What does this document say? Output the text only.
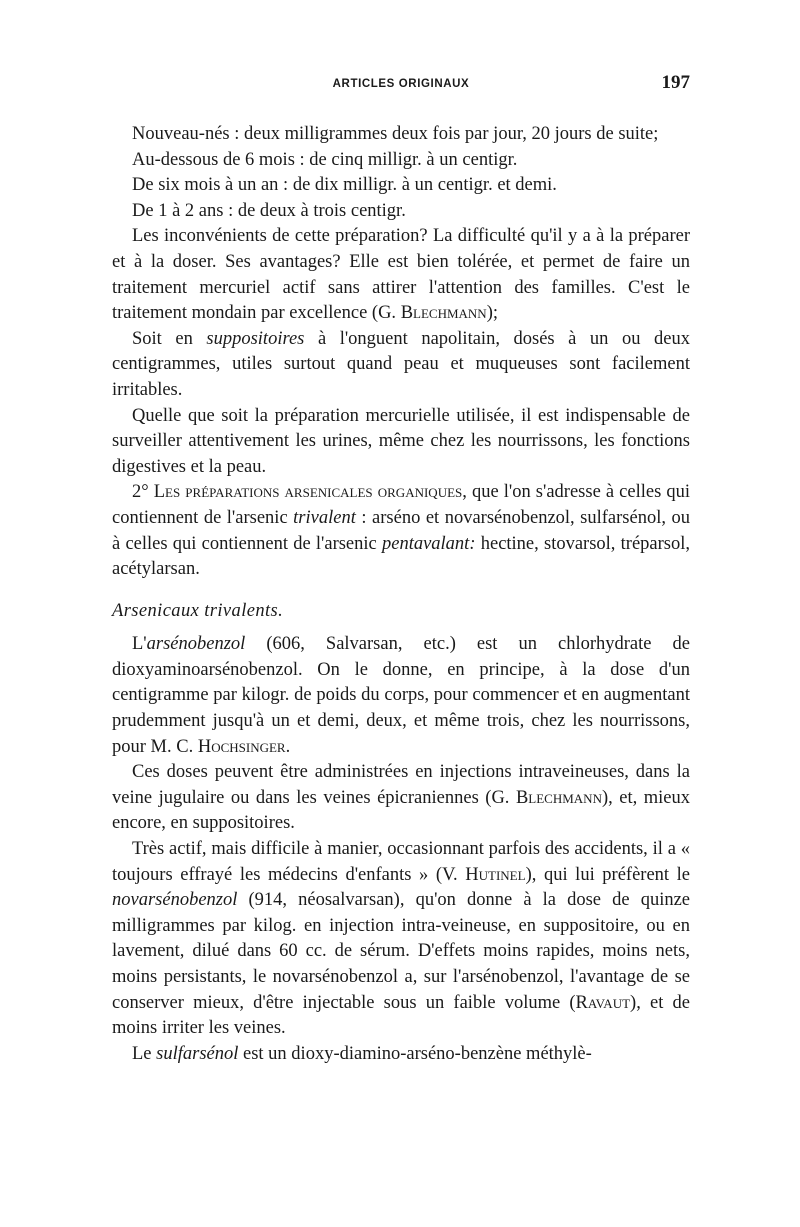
ARTICLES ORIGINAUX	197

Nouveau-nés : deux milligrammes deux fois par jour, 20 jours de suite;

Au-dessous de 6 mois : de cinq milligr. à un centigr.

De six mois à un an : de dix milligr. à un centigr. et demi.

De 1 à 2 ans : de deux à trois centigr.

Les inconvénients de cette préparation? La difficulté qu'il y a à la préparer et à la doser. Ses avantages? Elle est bien tolérée, et permet de faire un traitement mercuriel actif sans attirer l'attention des familles. C'est le traitement mondain par excellence (G. Blechmann);

Soit en suppositoires à l'onguent napolitain, dosés à un ou deux centigrammes, utiles surtout quand peau et muqueuses sont facilement irritables.

Quelle que soit la préparation mercurielle utilisée, il est indispensable de surveiller attentivement les urines, même chez les nourrissons, les fonctions digestives et la peau.

2° Les préparations arsenicales organiques, que l'on s'adresse à celles qui contiennent de l'arsenic trivalent : arséno et novarsénobenzol, sulfarsénol, ou à celles qui contiennent de l'arsenic pentavalant: hectine, stovarsol, tréparsol, acétylarsan.

Arsenicaux trivalents.

L'arsénobenzol (606, Salvarsan, etc.) est un chlorhydrate de dioxyaminoarsénobenzol. On le donne, en principe, à la dose d'un centigramme par kilogr. de poids du corps, pour commencer et en augmentant prudemment jusqu'à un et demi, deux, et même trois, chez les nourrissons, pour M. C. Hochsinger.

Ces doses peuvent être administrées en injections intraveineuses, dans la veine jugulaire ou dans les veines épicraniennes (G. Blechmann), et, mieux encore, en suppositoires.

Très actif, mais difficile à manier, occasionnant parfois des accidents, il a « toujours effrayé les médecins d'enfants » (V. Hutinel), qui lui préfèrent le novarsénobenzol (914, néosalvarsan), qu'on donne à la dose de quinze milligrammes par kilog. en injection intra-veineuse, en suppositoire, ou en lavement, dilué dans 60 cc. de sérum. D'effets moins rapides, moins nets, moins persistants, le novarsénobenzol a, sur l'arsénobenzol, l'avantage de se conserver mieux, d'être injectable sous un faible volume (Ravaut), et de moins irriter les veines.

Le sulfarsénol est un dioxy-diamino-arséno-benzène méthylè-
